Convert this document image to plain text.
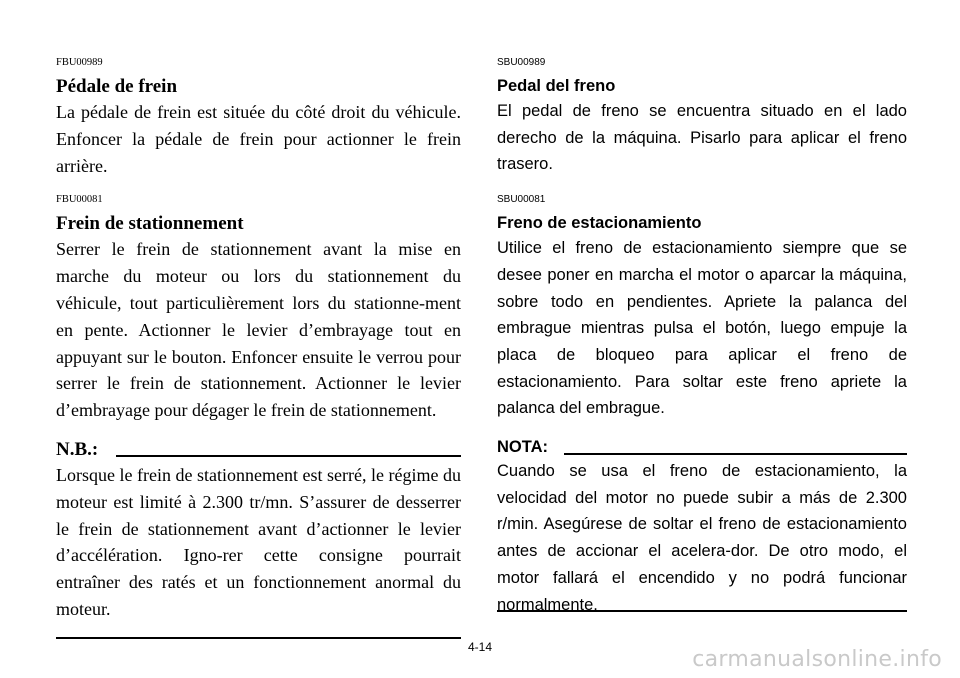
FBU00989
Pédale de frein
La pédale de frein est située du côté droit du véhicule. Enfoncer la pédale de frein pour actionner le frein arrière.
FBU00081
Frein de stationnement
Serrer le frein de stationnement avant la mise en marche du moteur ou lors du stationnement du véhicule, tout particulièrement lors du stationne-ment en pente. Actionner le levier d’embrayage tout en appuyant sur le bouton. Enfoncer ensuite le verrou pour serrer le frein de stationnement. Actionner le levier d’embrayage pour dégager le frein de stationnement.
N.B.:
Lorsque le frein de stationnement est serré, le régime du moteur est limité à 2.300 tr/mn. S’assurer de desserrer le frein de stationnement avant d’actionner le levier d’accélération. Igno-rer cette consigne pourrait entraîner des ratés et un fonctionnement anormal du moteur.
SBU00989
Pedal del freno
El pedal de freno se encuentra situado en el lado derecho de la máquina. Pisarlo para aplicar el freno trasero.
SBU00081
Freno de estacionamiento
Utilice el freno de estacionamiento siempre que se desee poner en marcha el motor o aparcar la máquina, sobre todo en pendientes. Apriete la palanca del embrague mientras pulsa el botón, luego empuje la placa de bloqueo para aplicar el freno de estacionamiento. Para soltar este freno apriete la palanca del embrague.
NOTA:
Cuando se usa el freno de estacionamiento, la velocidad del motor no puede subir a más de 2.300 r/min. Asegúrese de soltar el freno de estacionamiento antes de accionar el acelera-dor. De otro modo, el motor fallará el encendido y no podrá funcionar normalmente.
4-14	carmanualsonline.info
